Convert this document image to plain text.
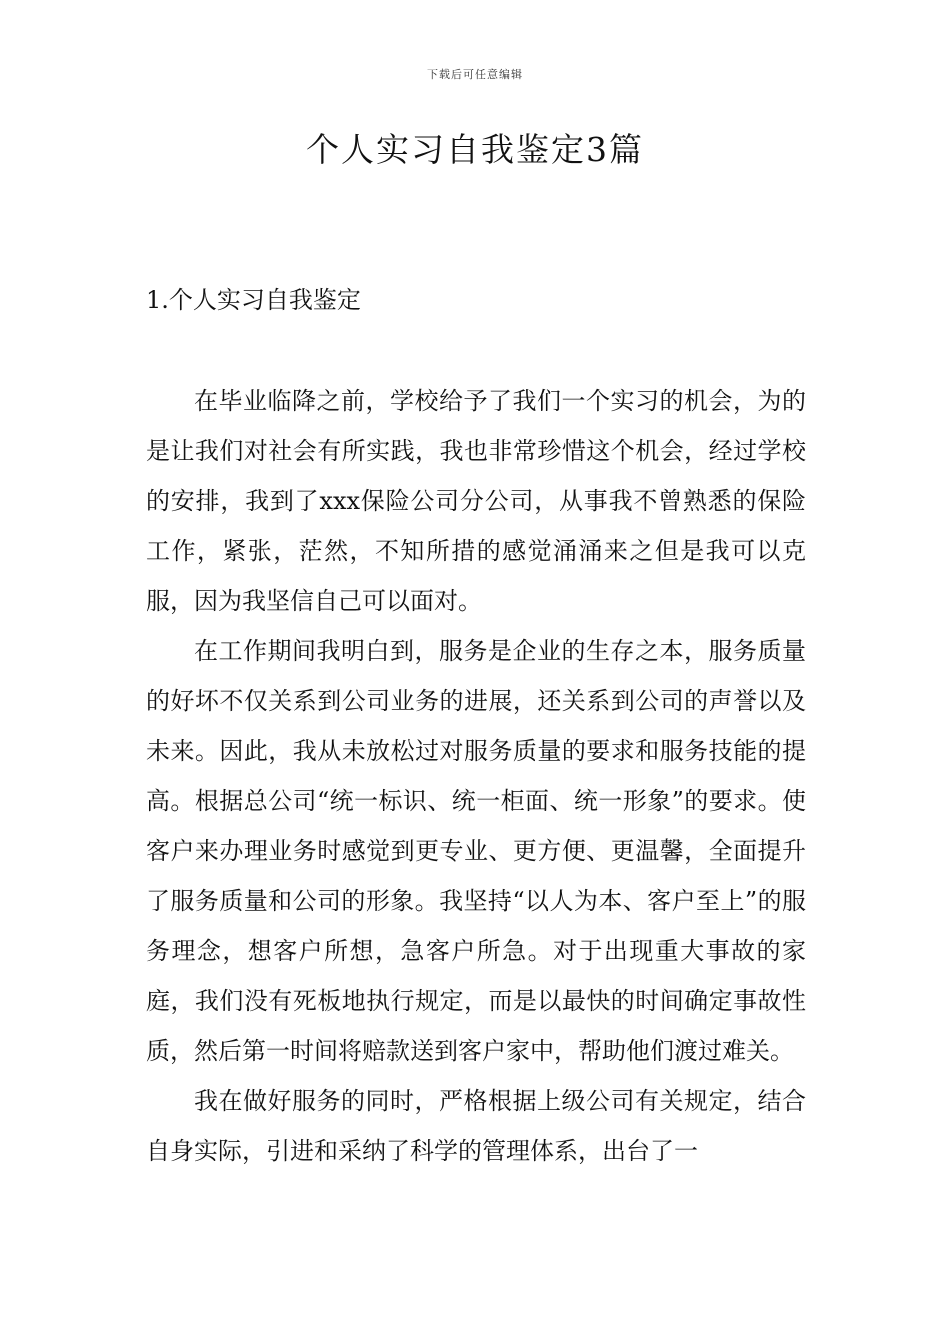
下载后可任意编辑
个人实习自我鉴定3篇
1.个人实习自我鉴定

在毕业临降之前，学校给予了我们一个实习的机会，为的是让我们对社会有所实践，我也非常珍惜这个机会，经过学校的安排，我到了xxx保险公司分公司，从事我不曾熟悉的保险工作，紧张，茫然，不知所措的感觉涌涌来之但是我可以克服，因为我坚信自己可以面对。

在工作期间我明白到，服务是企业的生存之本，服务质量的好坏不仅关系到公司业务的进展，还关系到公司的声誉以及未来。因此，我从未放松过对服务质量的要求和服务技能的提高。根据总公司“统一标识、统一柜面、统一形象”的要求。使客户来办理业务时感觉到更专业、更方便、更温馨，全面提升了服务质量和公司的形象。我坚持“以人为本、客户至上”的服务理念，想客户所想，急客户所急。对于出现重大事故的家庭，我们没有死板地执行规定，而是以最快的时间确定事故性质，然后第一时间将赔款送到客户家中，帮助他们渡过难关。

我在做好服务的同时，严格根据上级公司有关规定，结合自身实际，引进和采纳了科学的管理体系，出台了一
